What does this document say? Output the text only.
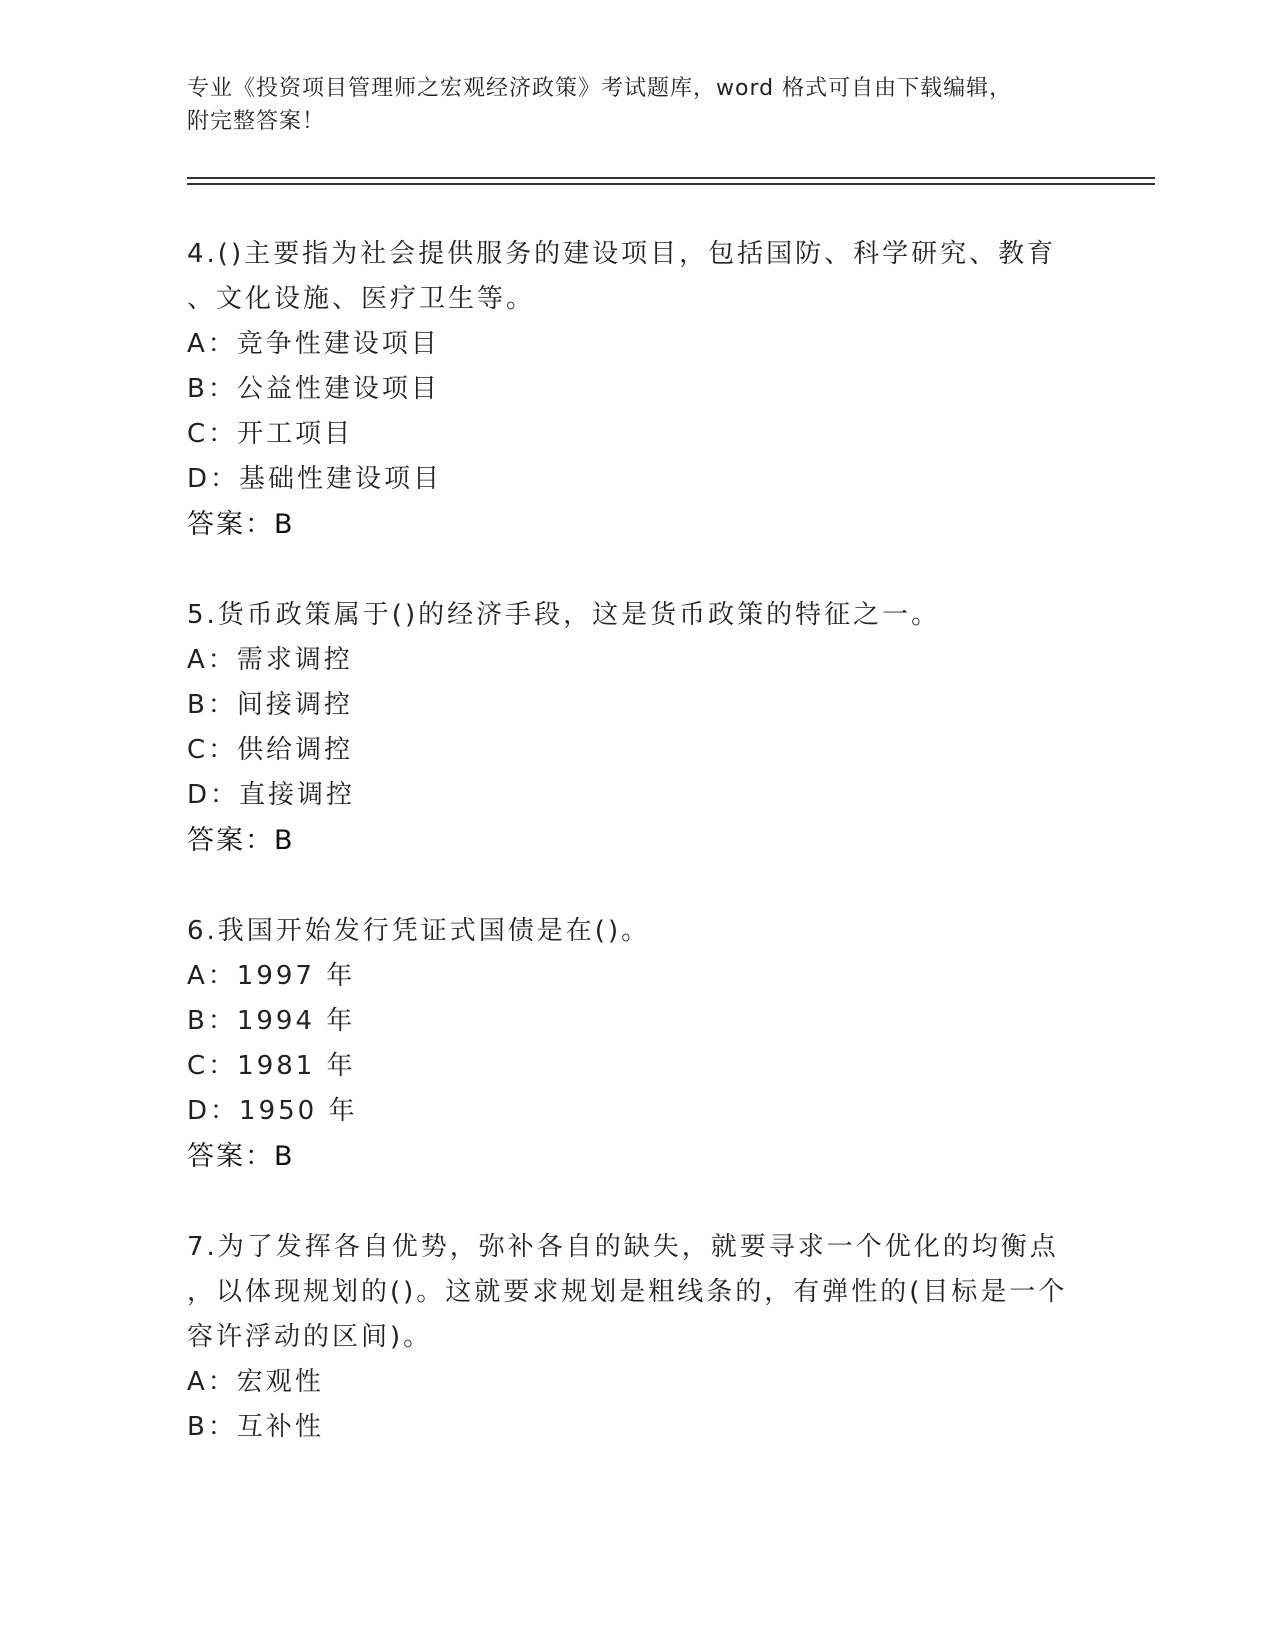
专业《投资项目管理师之宏观经济政策》考试题库，word 格式可自由下载编辑，
附完整答案！
4.()主要指为社会提供服务的建设项目，包括国防、科学研究、教育
、文化设施、医疗卫生等。
A：竞争性建设项目
B：公益性建设项目
C：开工项目
D：基础性建设项目
答案：B
5.货币政策属于()的经济手段，这是货币政策的特征之一。
A：需求调控
B：间接调控
C：供给调控
D：直接调控
答案：B
6.我国开始发行凭证式国债是在()。
A：1997 年
B：1994 年
C：1981 年
D：1950 年
答案：B
7.为了发挥各自优势，弥补各自的缺失，就要寻求一个优化的均衡点
，以体现规划的()。这就要求规划是粗线条的，有弹性的(目标是一个
容许浮动的区间)。
A：宏观性
B：互补性
